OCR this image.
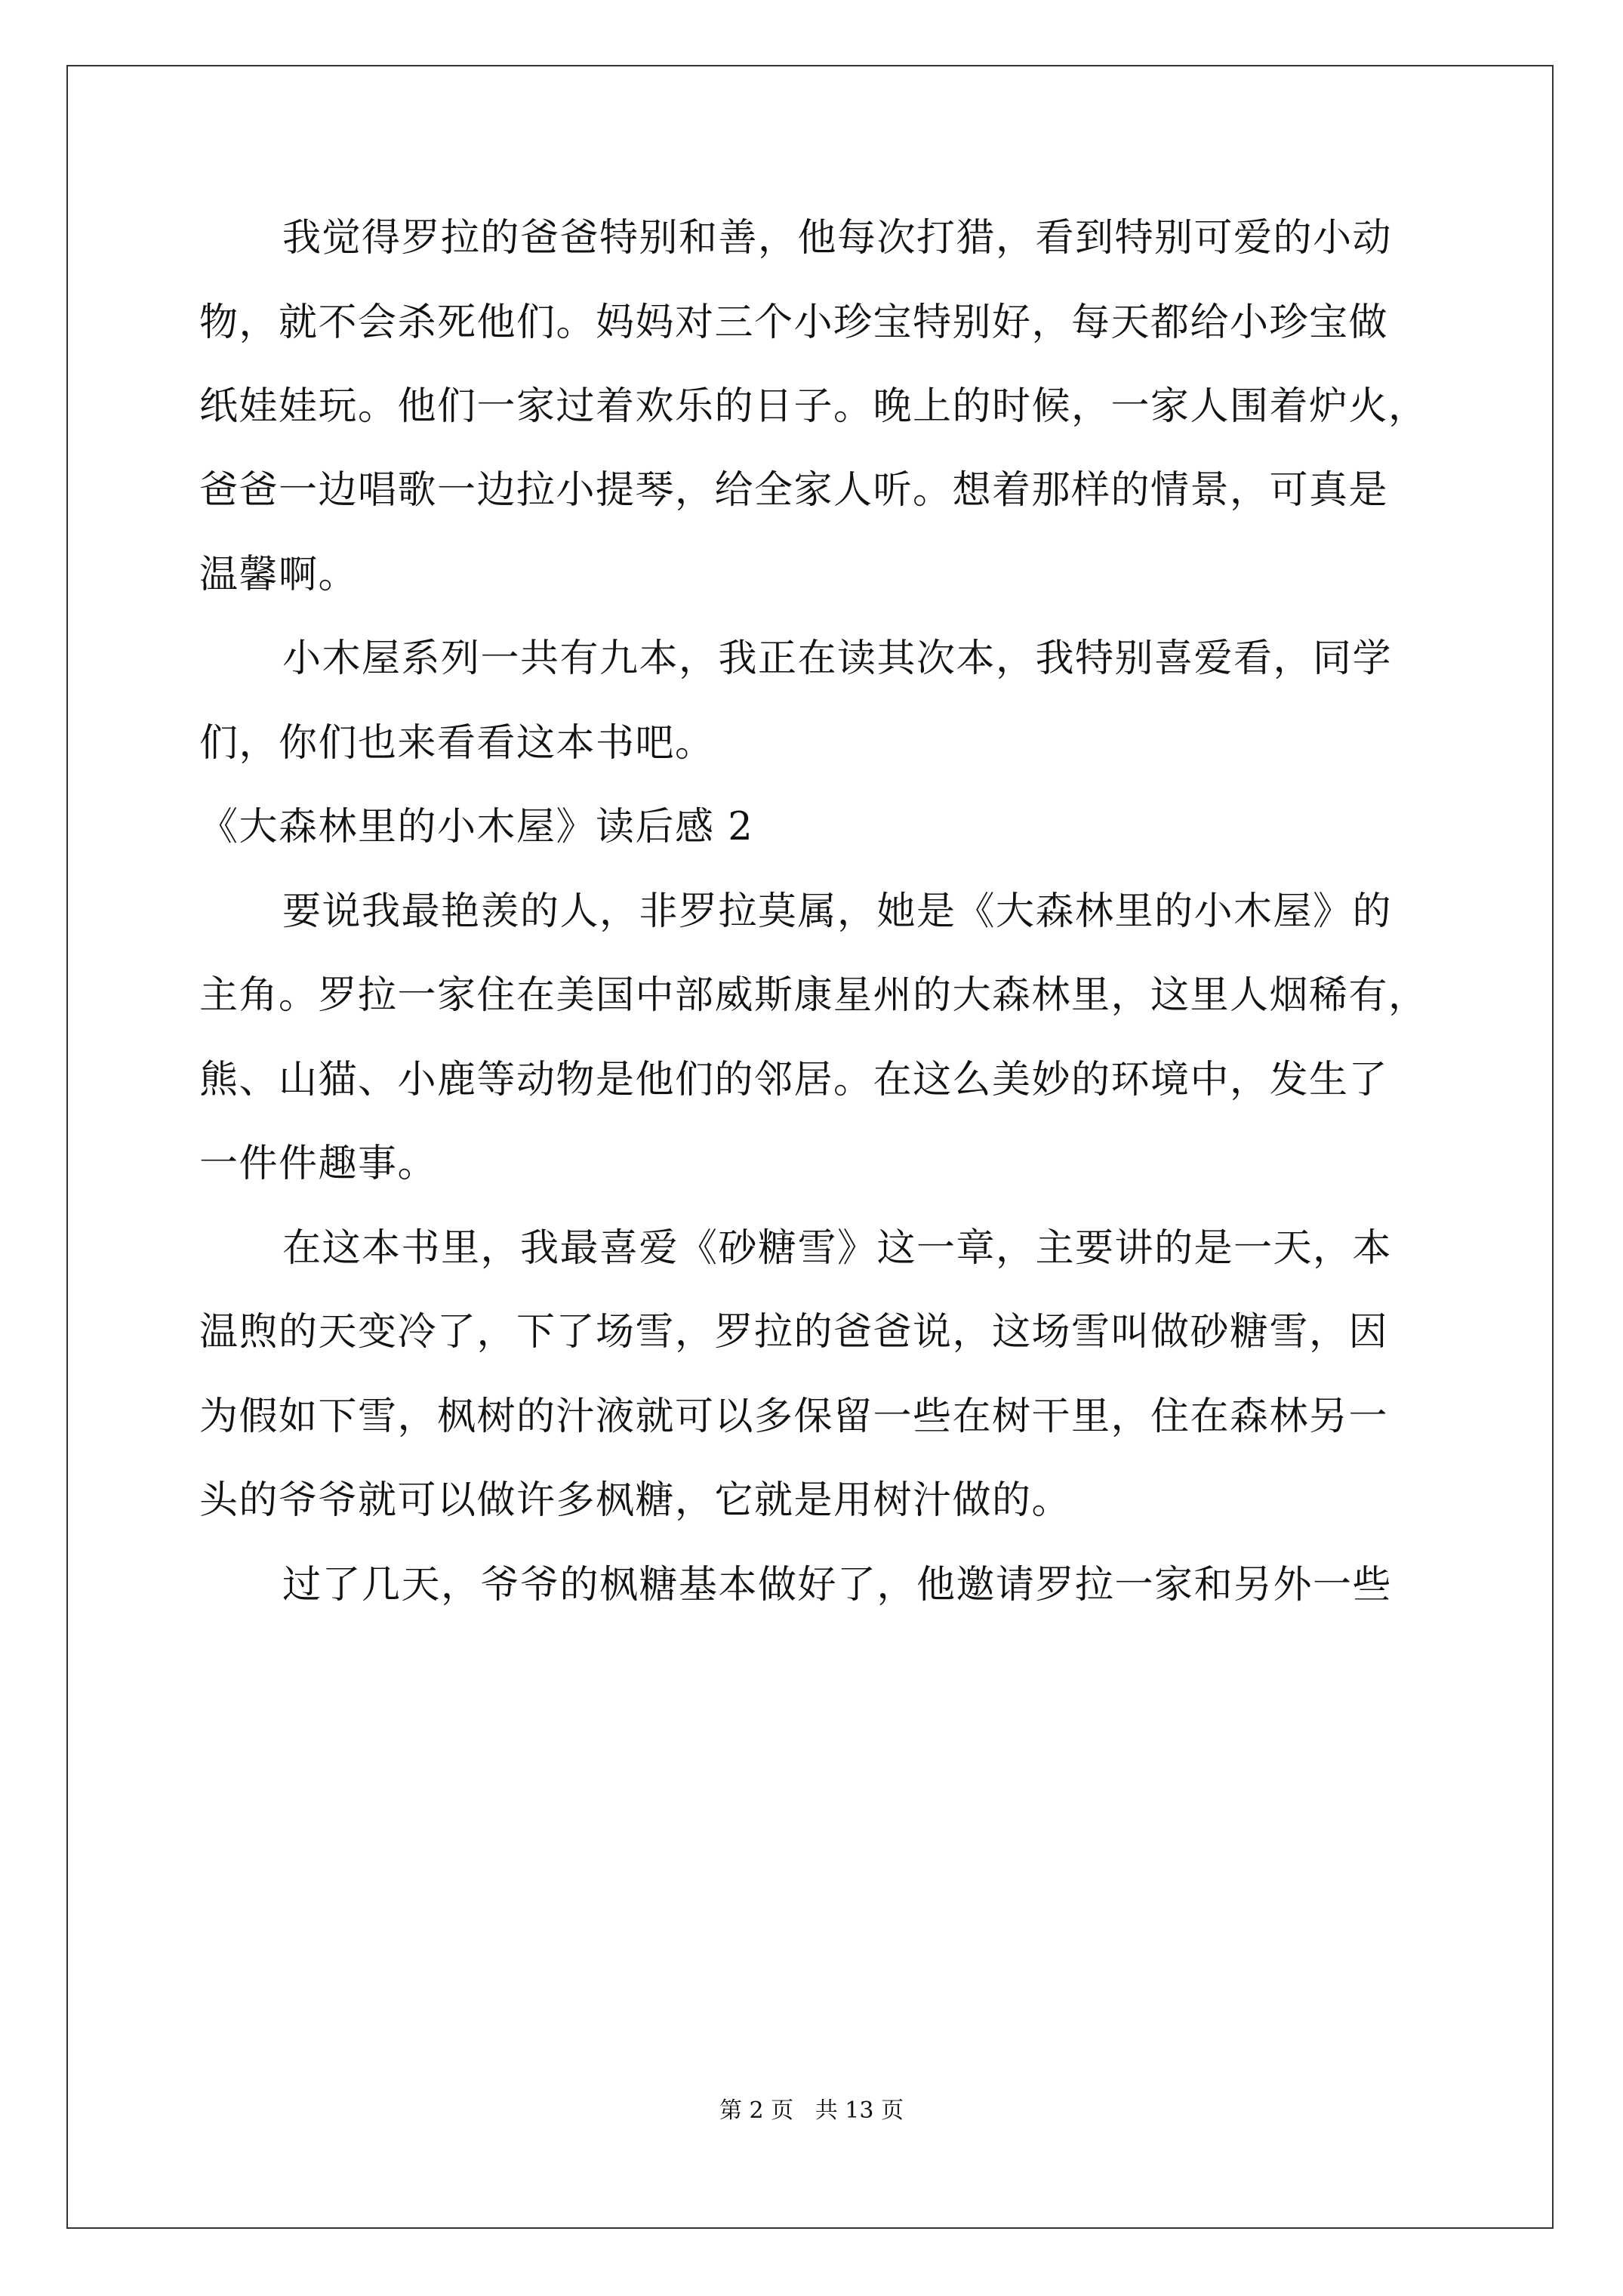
我觉得罗拉的爸爸特别和善，他每次打猎，看到特别可爱的小动
物，就不会杀死他们。妈妈对三个小珍宝特别好，每天都给小珍宝做
纸娃娃玩。他们一家过着欢乐的日子。晚上的时候，一家人围着炉火，
爸爸一边唱歌一边拉小提琴，给全家人听。想着那样的情景，可真是
温馨啊。
小木屋系列一共有九本，我正在读其次本，我特别喜爱看，同学
们，你们也来看看这本书吧。
《大森林里的小木屋》读后感 2
要说我最艳羡的人，非罗拉莫属，她是《大森林里的小木屋》的
主角。罗拉一家住在美国中部威斯康星州的大森林里，这里人烟稀有，
熊、山猫、小鹿等动物是他们的邻居。在这么美妙的环境中，发生了
一件件趣事。
在这本书里，我最喜爱《砂糖雪》这一章，主要讲的是一天，本
温煦的天变冷了，下了场雪，罗拉的爸爸说，这场雪叫做砂糖雪，因
为假如下雪，枫树的汁液就可以多保留一些在树干里，住在森林另一
头的爷爷就可以做许多枫糖，它就是用树汁做的。
过了几天，爷爷的枫糖基本做好了，他邀请罗拉一家和另外一些
第 2 页   共 13 页
